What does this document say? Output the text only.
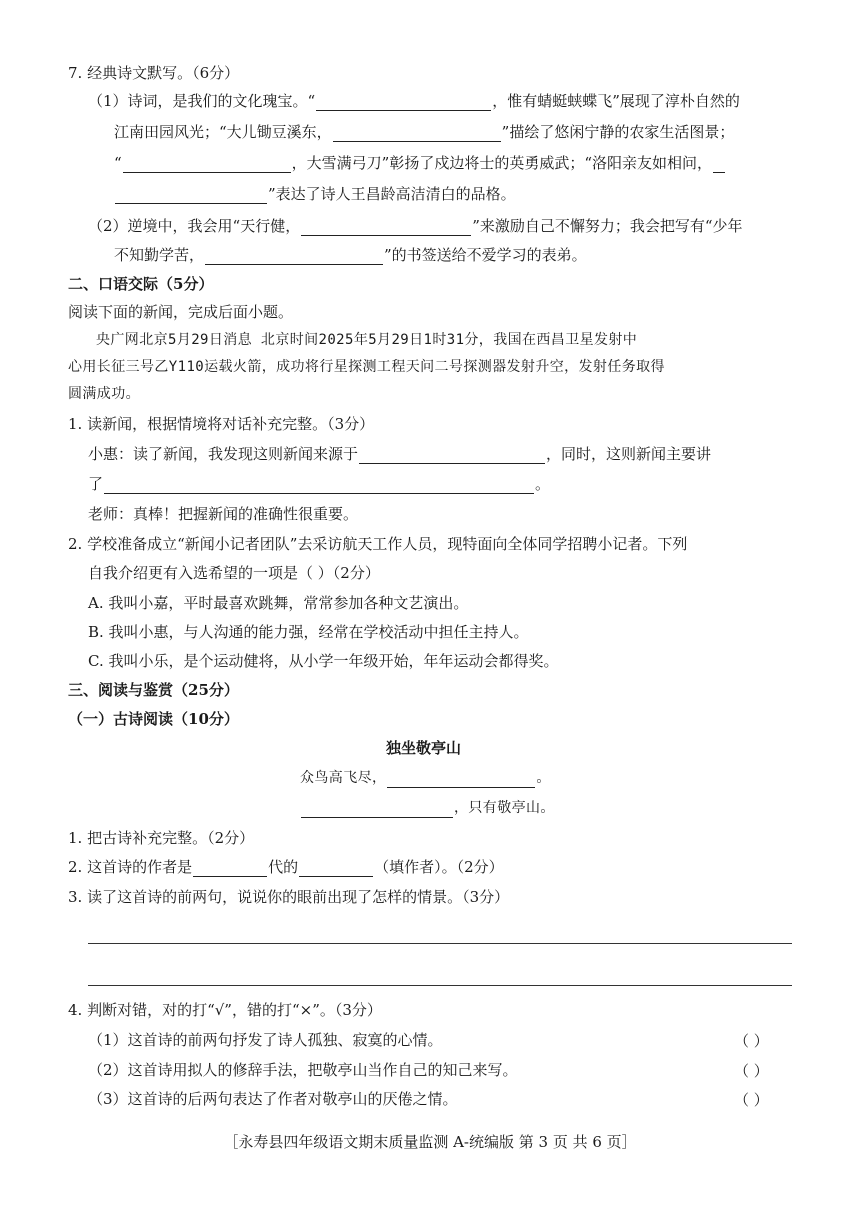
7. 经典诗文默写。（6分）
（1）诗词，是我们的文化瑰宝。“	，惟有蜻蜓蛱蝶飞”展现了淳朴自然的
江南田园风光；“大儿锄豆溪东，	”描绘了悠闲宁静的农家生活图景；
“	，大雪满弓刀”彰扬了戍边将士的英勇威武；“洛阳亲友如相问，
”表达了诗人王昌龄高洁清白的品格。
（2）逆境中，我会用“天行健，	”来激励自己不懈努力；我会把写有“少年
不知勤学苦，	”的书签送给不爱学习的表弟。
二、口语交际（5分）
阅读下面的新闻，完成后面小题。
央广网北京5月29日消息 北京时间2025年5月29日1时31分，我国在西昌卫星发射中
心用长征三号乙Y110运载火箭，成功将行星探测工程天问二号探测器发射升空，发射任务取得
圆满成功。
1. 读新闻，根据情境将对话补充完整。（3分）
小惠：读了新闻，我发现这则新闻来源于	，同时，这则新闻主要讲
了	。
老师：真棒！把握新闻的准确性很重要。
2. 学校准备成立“新闻小记者团队”去采访航天工作人员，现特面向全体同学招聘小记者。下列
自我介绍更有入选希望的一项是（ ）（2分）
A. 我叫小嘉，平时最喜欢跳舞，常常参加各种文艺演出。
B. 我叫小惠，与人沟通的能力强，经常在学校活动中担任主持人。
C. 我叫小乐，是个运动健将，从小学一年级开始，年年运动会都得奖。
三、阅读与鉴赏（25分）
（一）古诗阅读（10分）
独坐敬亭山
众鸟高飞尽，	。
，只有敬亭山。
1. 把古诗补充完整。（2分）
2. 这首诗的作者是	代的	（填作者）。（2分）
3. 读了这首诗的前两句，说说你的眼前出现了怎样的情景。（3分）
4. 判断对错，对的打“√”，错的打“×”。（3分）
（1）这首诗的前两句抒发了诗人孤独、寂寞的心情。	（ ）
（2）这首诗用拟人的修辞手法，把敬亭山当作自己的知己来写。	（ ）
（3）这首诗的后两句表达了作者对敬亭山的厌倦之情。	（ ）
［永寿县四年级语文期末质量监测 A-统编版 第 3 页 共 6 页］
